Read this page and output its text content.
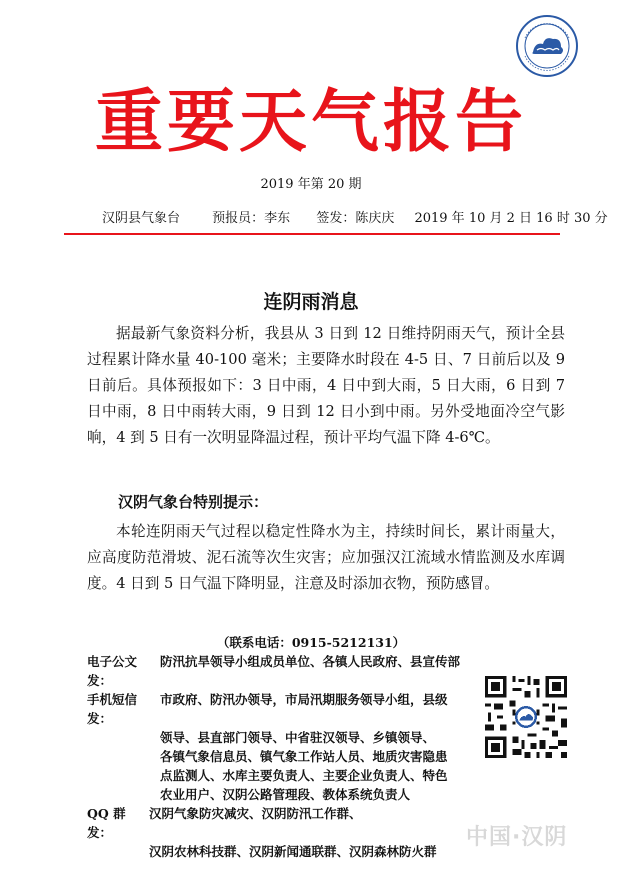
重要天气报告
2019 年第 20 期
汉阴县气象台 预报员：李东 签发：陈庆庆 2019 年 10 月 2 日 16 时 30 分
连阴雨消息
据最新气象资料分析，我县从 3 日到 12 日维持阴雨天气，预计全县过程累计降水量 40-100 毫米；主要降水时段在 4-5 日、7 日前后以及 9 日前后。具体预报如下：3 日中雨，4 日中到大雨，5 日大雨，6 日到 7 日中雨，8 日中雨转大雨，9 日到 12 日小到中雨。另外受地面冷空气影响，4 到 5 日有一次明显降温过程，预计平均气温下降 4-6℃。
汉阴气象台特别提示：
本轮连阴雨天气过程以稳定性降水为主，持续时间长，累计雨量大，应高度防范滑坡、泥石流等次生灾害；应加强汉江流域水情监测及水库调度。4 日到 5 日气温下降明显，注意及时添加衣物，预防感冒。
（联系电话：0915-5212131）
电子公文发：
防汛抗旱领导小组成员单位、各镇人民政府、县宣传部
手机短信发：
市政府、防汛办领导，市局汛期服务领导小组，县级
领导、县直部门领导、中省驻汉领导、乡镇领导、
各镇气象信息员、镇气象工作站人员、地质灾害隐患
点监测人、水库主要负责人、主要企业负责人、特色
农业用户、汉阴公路管理段、教体系统负责人
QQ 群发：
汉阴气象防灾减灾、汉阴防汛工作群、
汉阴农林科技群、汉阴新闻通联群、汉阴森林防火群
中国·汉阴
